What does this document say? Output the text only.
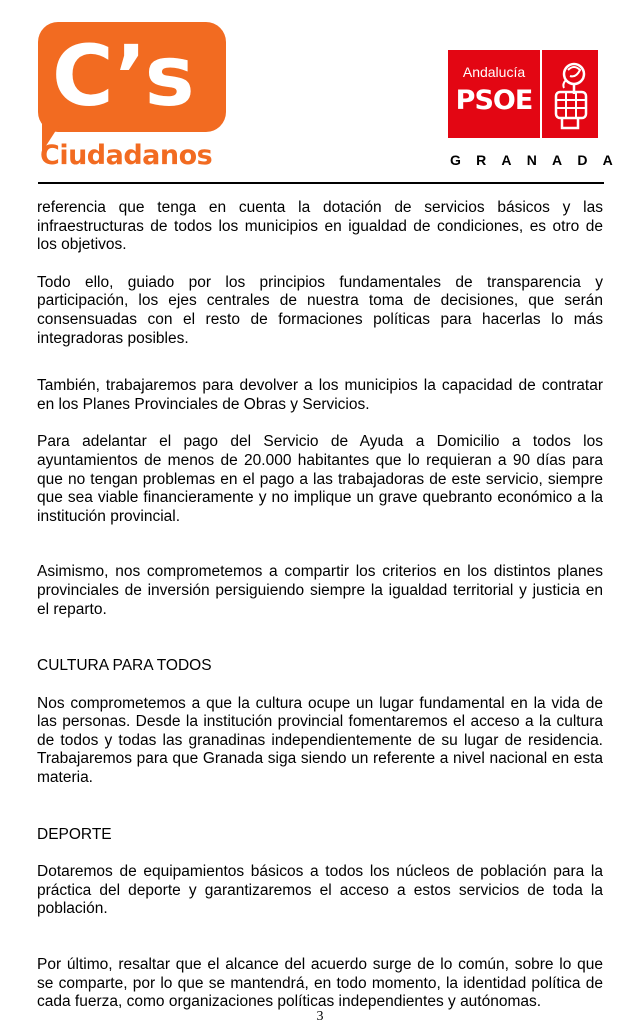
C’s
Ciudadanos
Andalucía
PSOE
GRANADA

referencia que tenga en cuenta la dotación de servicios básicos y las infraestructuras de todos los municipios en igualdad de condiciones, es otro de los objetivos.

Todo ello, guiado por los principios fundamentales de transparencia y participación, los ejes centrales de nuestra toma de decisiones, que serán consensuadas con el resto de formaciones políticas para hacerlas lo más integradoras posibles.

También, trabajaremos para devolver a los municipios la capacidad de contratar en los Planes Provinciales de Obras y Servicios.

Para adelantar el pago del Servicio de Ayuda a Domicilio a todos los ayuntamientos de menos de 20.000 habitantes que lo requieran a 90 días para que no tengan problemas en el pago a las trabajadoras de este servicio, siempre que sea viable financieramente y no implique un grave quebranto económico a la institución provincial.

Asimismo, nos comprometemos a compartir los criterios en los distintos planes provinciales de inversión persiguiendo siempre la igualdad territorial y justicia en el reparto.

CULTURA PARA TODOS

Nos comprometemos a que la cultura ocupe un lugar fundamental en la vida de las personas. Desde la institución provincial fomentaremos el acceso a la cultura de todos y todas las granadinas independientemente de su lugar de residencia. Trabajaremos para que Granada siga siendo un referente a nivel nacional en esta materia.

DEPORTE

Dotaremos de equipamientos básicos a todos los núcleos de población para la práctica del deporte y garantizaremos el acceso a estos servicios de toda la población.

Por último, resaltar que el alcance del acuerdo surge de lo común, sobre lo que se comparte, por lo que se mantendrá, en todo momento, la identidad política de cada fuerza, como organizaciones políticas independientes y autónomas.

3
